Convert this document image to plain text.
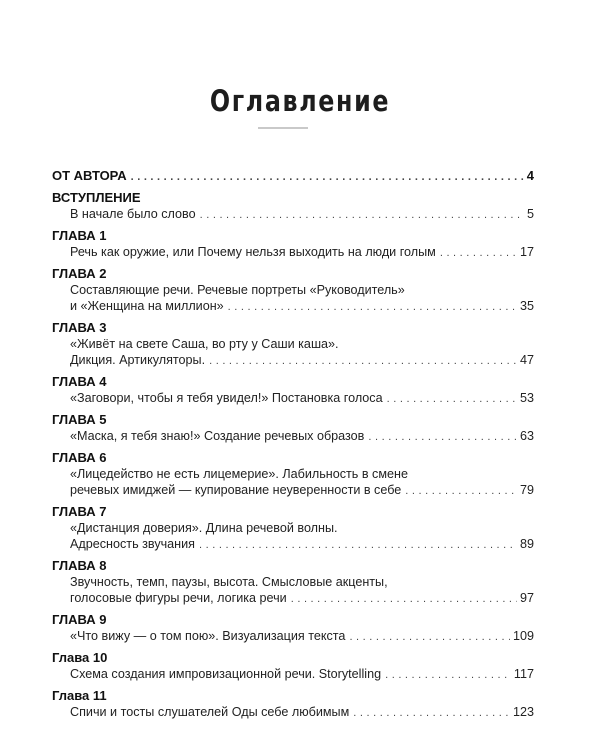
Оглавление
ОТ АВТОРА . . .	4
ВСТУПЛЕНИЕ
В начале было слово . . .	5
ГЛАВА 1
Речь как оружие, или Почему нельзя выходить на люди голым . . .	17
ГЛАВА 2
Составляющие речи. Речевые портреты «Руководитель»
и «Женщина на миллион» . . .	35
ГЛАВА 3
«Живёт на свете Саша, во рту у Саши каша».
Дикция. Артикуляторы. . . .	47
ГЛАВА 4
«Заговори, чтобы я тебя увидел!» Постановка голоса . . .	53
ГЛАВА 5
«Маска, я тебя знаю!» Создание речевых образов . . .	63
ГЛАВА 6
«Лицедейство не есть лицемерие». Лабильность в смене
речевых имиджей — купирование неуверенности в себе . . .	79
ГЛАВА 7
«Дистанция доверия». Длина речевой волны.
Адресность звучания . . .	89
ГЛАВА 8
Звучность, темп, паузы, высота. Смысловые акценты,
голосовые фигуры речи, логика речи . . .	97
ГЛАВА 9
«Что вижу — о том пою». Визуализация текста . . .	109
Глава 10
Схема создания импровизационной речи. Storytelling . . .	117
Глава 11
Спичи и тосты слушателей Оды себе любимым . . .	123
